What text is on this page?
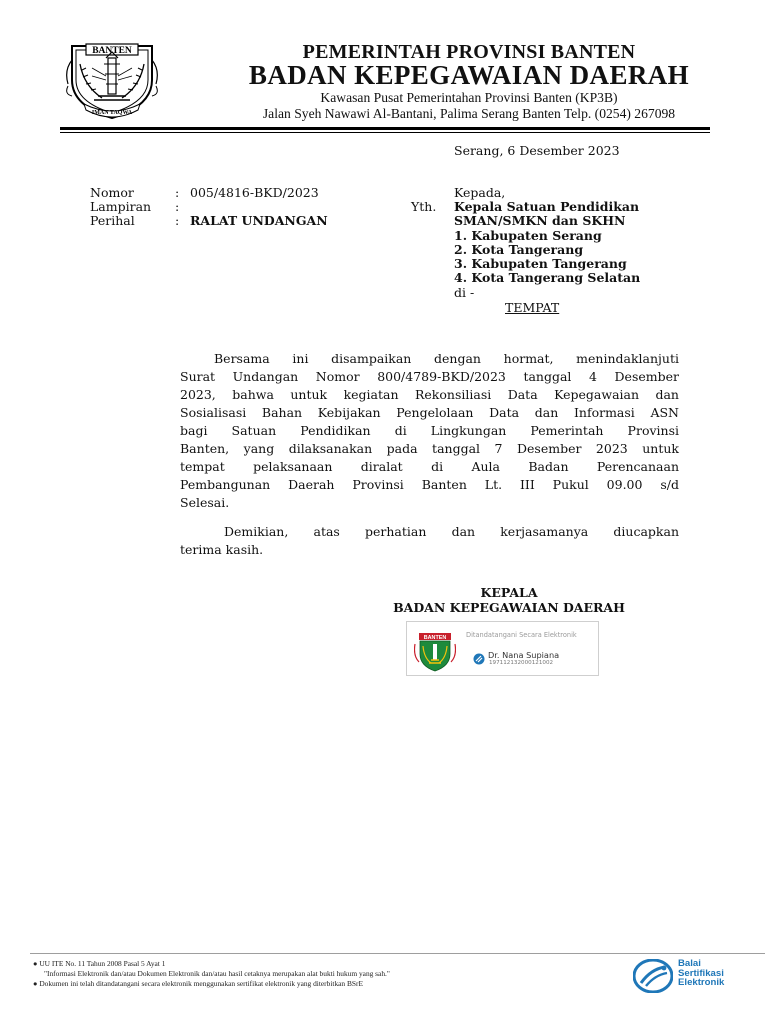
BANTEN
IMAN TAQWA
PEMERINTAH PROVINSI BANTEN
BADAN KEPEGAWAIAN DAERAH
Kawasan Pusat Pemerintahan Provinsi Banten (KP3B)
Jalan Syeh Nawawi Al-Bantani, Palima Serang Banten Telp. (0254) 267098
Serang, 6 Desember 2023
Nomor	: 005/4816-BKD/2023
Lampiran :
Perihal	: RALAT UNDANGAN
Kepada,
Yth. Kepala Satuan Pendidikan
SMAN/SMKN dan SKHN
1. Kabupaten Serang
2. Kota Tangerang
3. Kabupaten Tangerang
4. Kota Tangerang Selatan
di -
TEMPAT
Bersama ini disampaikan dengan hormat, menindaklanjuti
Surat Undangan Nomor 800/4789-BKD/2023 tanggal 4 Desember
2023, bahwa untuk kegiatan Rekonsiliasi Data Kepegawaian dan
Sosialisasi Bahan Kebijakan Pengelolaan Data dan Informasi ASN
bagi Satuan Pendidikan di Lingkungan Pemerintah Provinsi
Banten, yang dilaksanakan pada tanggal 7 Desember 2023 untuk
tempat pelaksanaan diralat di Aula Badan Perencanaan
Pembangunan Daerah Provinsi Banten Lt. III Pukul 09.00 s/d
Selesai.
Demikian, atas perhatian dan kerjasamanya diucapkan
terima kasih.
KEPALA
BADAN KEPEGAWAIAN DAERAH
BANTEN	Ditandatangani Secara Elektronik
Dr. Nana Supiana
197112132000121002
● UU ITE No. 11 Tahun 2008 Pasal 5 Ayat 1
"Informasi Elektronik dan/atau Dokumen Elektronik dan/atau hasil cetaknya merupakan alat bukti hukum yang sah."
● Dokumen ini telah ditandatangani secara elektronik menggunakan sertifikat elektronik yang diterbitkan BSrE
Balai
Sertifikasi
Elektronik
